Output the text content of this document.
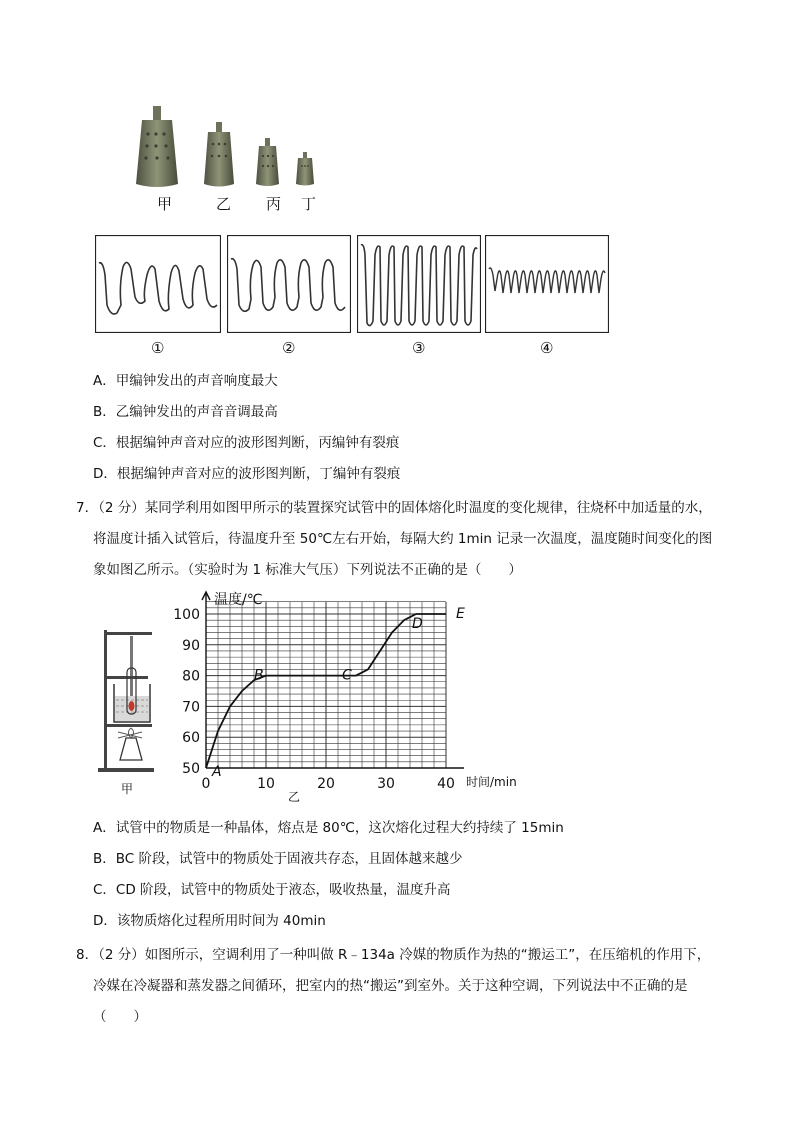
甲	乙 丙 丁
①	②	③	④
A．甲编钟发出的声音响度最大
B．乙编钟发出的声音音调最高
C．根据编钟声音对应的波形图判断，丙编钟有裂痕
D．根据编钟声音对应的波形图判断，丁编钟有裂痕
7．（2 分）某同学利用如图甲所示的装置探究试管中的固体熔化时温度的变化规律，往烧杯中加适量的水，
将温度计插入试管后，待温度升至 50℃左右开始，每隔大约 1min 记录一次温度，温度随时间变化的图
象如图乙所示。（实验时为 1 标准大气压）下列说法不正确的是（　　）
甲
50
60
70
80
90
100
0	10	20	30	40
温度/℃
时间/min
A
B	C
D
E
乙
A．试管中的物质是一种晶体，熔点是 80℃，这次熔化过程大约持续了 15min
B．BC 阶段，试管中的物质处于固液共存态，且固体越来越少
C．CD 阶段，试管中的物质处于液态，吸收热量，温度升高
D．该物质熔化过程所用时间为 40min
8．（2 分）如图所示，空调利用了一种叫做 R﹣134a 冷媒的物质作为热的“搬运工”，在压缩机的作用下，
冷媒在冷凝器和蒸发器之间循环，把室内的热“搬运”到室外。关于这种空调，下列说法中不正确的是
（　　）
